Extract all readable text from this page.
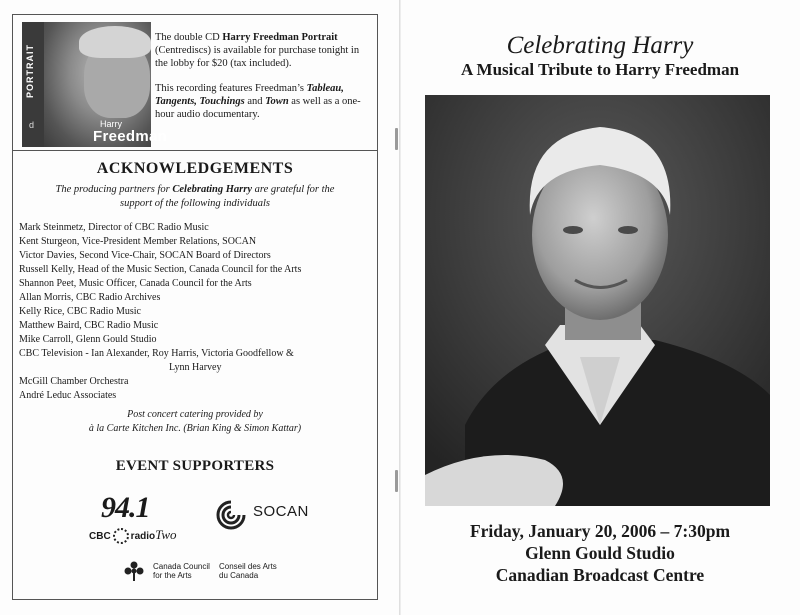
PORTRAIT
d	Harry
Freedman

The double CD Harry Freedman Portrait (Centrediscs) is available for purchase tonight in the lobby for $20 (tax included).

This recording features Freedman’s Tableau, Tangents, Touchings and Town as well as a one-hour audio documentary.

ACKNOWLEDGEMENTS
The producing partners for Celebrating Harry are grateful for the support of the following individuals
Mark Steinmetz, Director of CBC Radio Music
Kent Sturgeon, Vice-President Member Relations, SOCAN
Victor Davies, Second Vice-Chair, SOCAN Board of Directors
Russell Kelly, Head of the Music Section, Canada Council for the Arts
Shannon Peet, Music Officer, Canada Council for the Arts
Allan Morris, CBC Radio Archives
Kelly Rice, CBC Radio Music
Matthew Baird, CBC Radio Music
Mike Carroll, Glenn Gould Studio
CBC Television - Ian Alexander, Roy Harris, Victoria Goodfellow &
Lynn Harvey
McGill Chamber Orchestra
André Leduc Associates
Post concert catering provided by
à la Carte Kitchen Inc. (Brian King & Simon Kattar)
EVENT SUPPORTERS
94.1
CBC radioTwo
SOCAN
Canada Council
for the Arts
Conseil des Arts
du Canada
Celebrating Harry
A Musical Tribute to Harry Freedman
Friday, January 20, 2006 – 7:30pm
Glenn Gould Studio
Canadian Broadcast Centre
